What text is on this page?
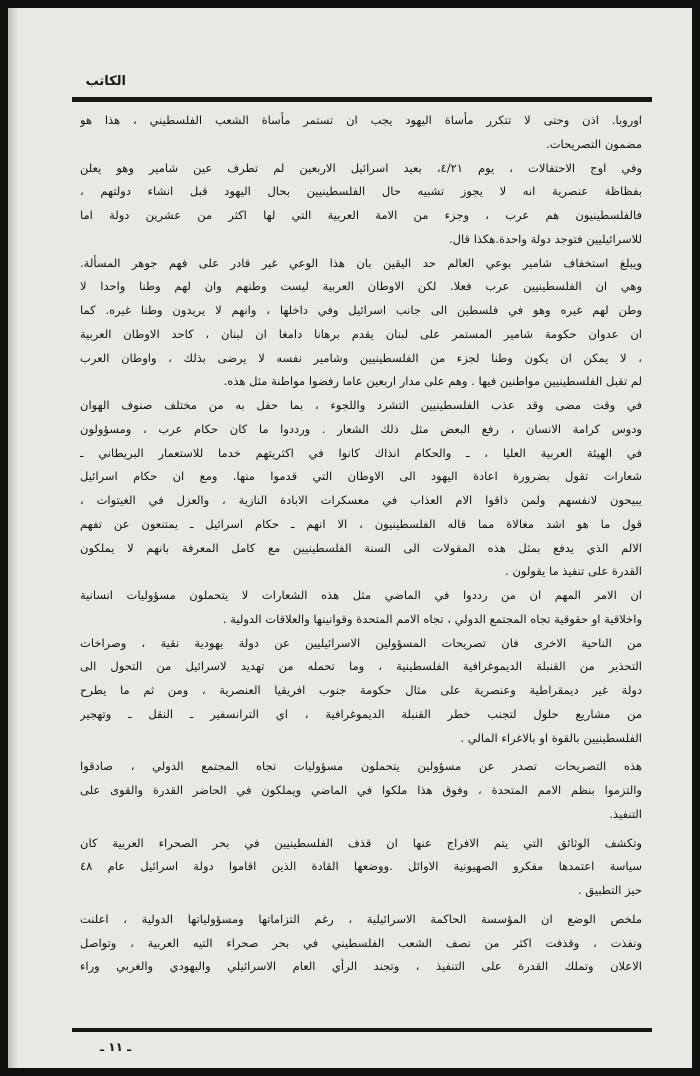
الكاتب
اوروبا. اذن وحتى لا تتكرر مأساة اليهود يجب ان تستمر مأساة الشعب الفلسطيني ، هذا هو
مضمون التصريحات.
وفي اوج الاحتفالات ، يوم ٤/٢١، بعيد اسرائيل الاربعين لم تطرف عين شامير وهو يعلن
بفظاظة عنصرية انه لا يجوز تشبيه حال الفلسطينيين بحال اليهود قبل انشاء دولتهم ،
فالفلسطينيون هم عرب ، وجزء من الامة العربية التي لها اكثر من عشرين دولة اما
للاسرائيليين فتوجد دولة واحدة.هكذا قال.
ويبلغ استخفاف شامير بوعي العالم حد اليقين بان هذا الوعي غير قادر على فهم جوهر المسألة.
وهي ان الفلسطينيين عرب فعلا. لكن الاوطان العربية ليست وطنهم وان لهم وطنا واحدا لا
وطن لهم غيره وهو في فلسطين الى جانب اسرائيل وفي داخلها ، وانهم لا يريدون وطنا غيره. كما
ان عدوان حكومة شامير المستمر على لبنان يقدم برهانا دامغا ان لبنان ، كاحد الاوطان العربية
، لا يمكن ان يكون وطنا لجزء من الفلسطينيين وشامير نفسه لا يرضى بذلك ، واوطان العرب
لم تقبل الفلسطينيين مواطنين فيها . وهم على مدار اربعين عاما رفضوا مواطنة مثل هذه.
في وقت مضى وقد عذب الفلسطينيين التشرد واللجوء ، بما حفل به من مختلف صنوف الهوان
ودوس كرامة الانسان ، رفع البعض مثل ذلك الشعار . ورددوا ما كان حكام عرب ، ومسؤولون
في الهيئة العربية العليا ، ـ والحكام انذاك كانوا في اكثريتهم خدما للاستعمار البريطاني ـ
شعارات تقول بضرورة اعادة اليهود الى الاوطان التي قدموا منها. ومع ان حكام اسرائيل
يبيحون لانفسهم ولمن ذاقوا الام العذاب في معسكرات الابادة النازية ، والعزل في الغيتوات ،
قول ما هو اشد مغالاة مما قاله الفلسطينيون ، الا انهم ـ حكام اسرائيل ـ يمتنعون عن تفهم
الالم الذي يدفع بمثل هذه المقولات الى السنة الفلسطينيين مع كامل المعرفة بانهم لا يملكون
القدرة على تنفيذ ما يقولون .
ان الامر المهم ان من رددوا في الماضي مثل هذه الشعارات لا يتحملون مسؤوليات انسانية
واخلاقية او حقوقية تجاه المجتمع الدولي ، تجاه الامم المتحدة وقوانينها والعلاقات الدولية .
من الناحية الاخرى فان تصريحات المسؤولين الاسرائيليين عن دولة يهودية نقية ، وصراخات
التحذير من القنبلة الديموغرافية الفلسطينية ، وما تحمله من تهديد لاسرائيل من التحول الى
دولة غير ديمقراطية وعنصرية على مثال حكومة جنوب افريقيا العنصرية ، ومن ثم ما يطرح
من مشاريع حلول لتجنب خطر القنبلة الديموغرافية ، اي الترانسفير ـ النقل ـ وتهجير
الفلسطينيين بالقوة او بالاغراء المالي .
هذه التصريحات تصدر عن مسؤولين يتحملون مسؤوليات تجاه المجتمع الدولي ، صادقوا
والتزموا بنظم الامم المتحدة ، وفوق هذا ملكوا في الماضي ويملكون في الحاضر القدرة والقوى على
التنفيذ.
وتكشف الوثائق التي يتم الافراج عنها ان قذف الفلسطينيين في بحر الصحراء العربية كان
سياسة اعتمدها مفكرو الصهيونية الاوائل .ووضعها القادة الذين اقاموا دولة اسرائيل عام ٤٨
حيز التطبيق .
ملخص الوضع ان المؤسسة الحاكمة الاسرائيلية ، رغم التزاماتها ومسؤولياتها الدولية ، اعلنت
ونفذت ، وقذفت اكثر من نصف الشعب الفلسطيني في بحر صحراء التيه العربية ، وتواصل
الاعلان وتملك القدرة على التنفيذ ، وتجند الرأي العام الاسرائيلي واليهودي والغربي وراء
ـ ١١ ـ
